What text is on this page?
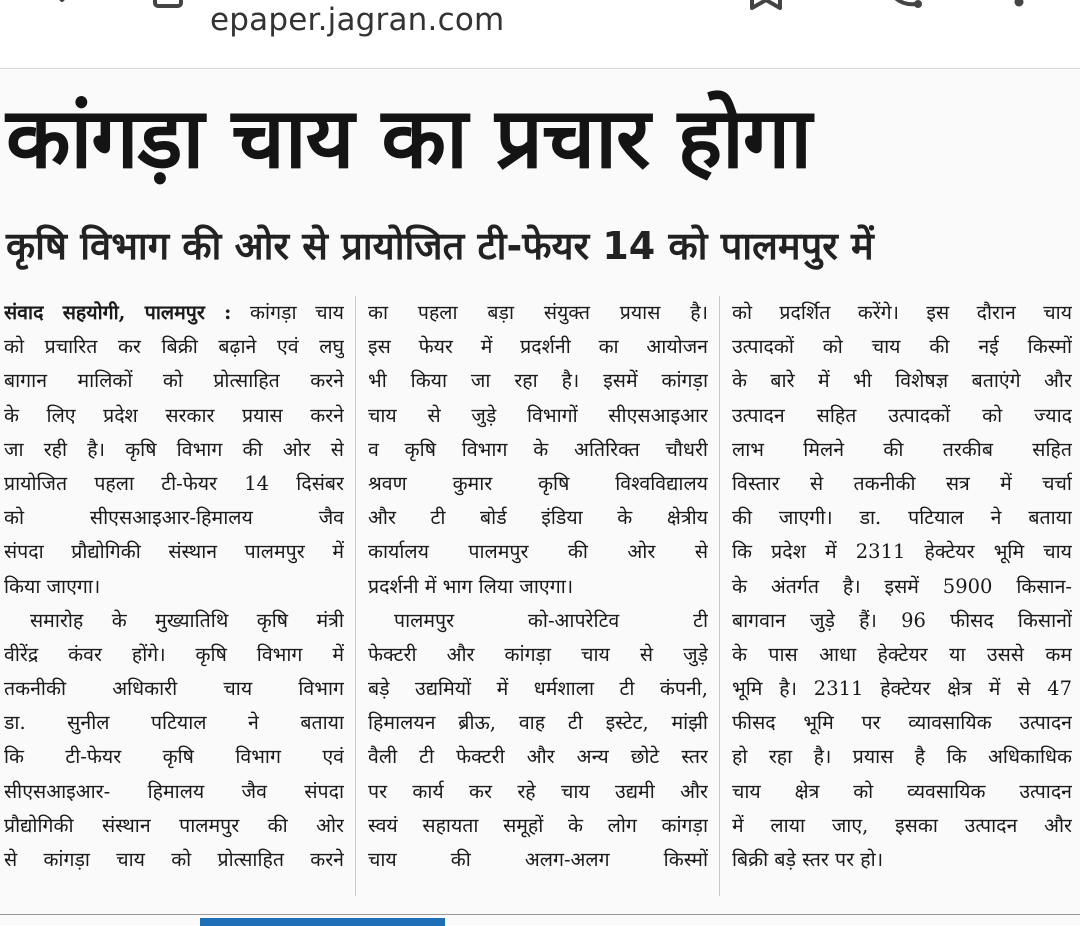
epaper.jagran.com
कांगड़ा चाय का प्रचार होगा
कृषि विभाग की ओर से प्रायोजित टी-फेयर 14 को पालमपुर में
संवाद सहयोगी, पालमपुर : कांगड़ा चाय
को प्रचारित कर बिक्री बढ़ाने एवं लघु
बागान मालिकों को प्रोत्साहित करने
के लिए प्रदेश सरकार प्रयास करने
जा रही है। कृषि विभाग की ओर से
प्रायोजित पहला टी-फेयर 14 दिसंबर
को सीएसआइआर-हिमालय जैव
संपदा प्रौद्योगिकी संस्थान पालमपुर में
किया जाएगा।
समारोह के मुख्यातिथि कृषि मंत्री
वीरेंद्र कंवर होंगे। कृषि विभाग में
तकनीकी अधिकारी चाय विभाग
डा. सुनील पटियाल ने बताया
कि टी-फेयर कृषि विभाग एवं
सीएसआइआर- हिमालय जैव संपदा
प्रौद्योगिकी संस्थान पालमपुर की ओर
से कांगड़ा चाय को प्रोत्साहित करने
का पहला बड़ा संयुक्त प्रयास है।
इस फेयर में प्रदर्शनी का आयोजन
भी किया जा रहा है। इसमें कांगड़ा
चाय से जुड़े विभागों सीएसआइआर
व कृषि विभाग के अतिरिक्त चौधरी
श्रवण कुमार कृषि विश्वविद्यालय
और टी बोर्ड इंडिया के क्षेत्रीय
कार्यालय पालमपुर की ओर से
प्रदर्शनी में भाग लिया जाएगा।
पालमपुर को-आपरेटिव टी
फेक्टरी और कांगड़ा चाय से जुड़े
बड़े उद्यमियों में धर्मशाला टी कंपनी,
हिमालयन ब्रीऊ, वाह टी इस्टेट, मांझी
वैली टी फेक्टरी और अन्य छोटे स्तर
पर कार्य कर रहे चाय उद्यमी और
स्वयं सहायता समूहों के लोग कांगड़ा
चाय की अलग-अलग किस्मों
को प्रदर्शित करेंगे। इस दौरान चाय
उत्पादकों को चाय की नई किस्मों
के बारे में भी विशेषज्ञ बताएंगे और
उत्पादन सहित उत्पादकों को ज्याद
लाभ मिलने की तरकीब सहित
विस्तार से तकनीकी सत्र में चर्चा
की जाएगी। डा. पटियाल ने बताया
कि प्रदेश में 2311 हेक्टेयर भूमि चाय
के अंतर्गत है। इसमें 5900 किसान-
बागवान जुड़े हैं। 96 फीसद किसानों
के पास आधा हेक्टेयर या उससे कम
भूमि है। 2311 हेक्टेयर क्षेत्र में से 47
फीसद भूमि पर व्यावसायिक उत्पादन
हो रहा है। प्रयास है कि अधिकाधिक
चाय क्षेत्र को व्यवसायिक उत्पादन
में लाया जाए, इसका उत्पादन और
बिक्री बड़े स्तर पर हो।
